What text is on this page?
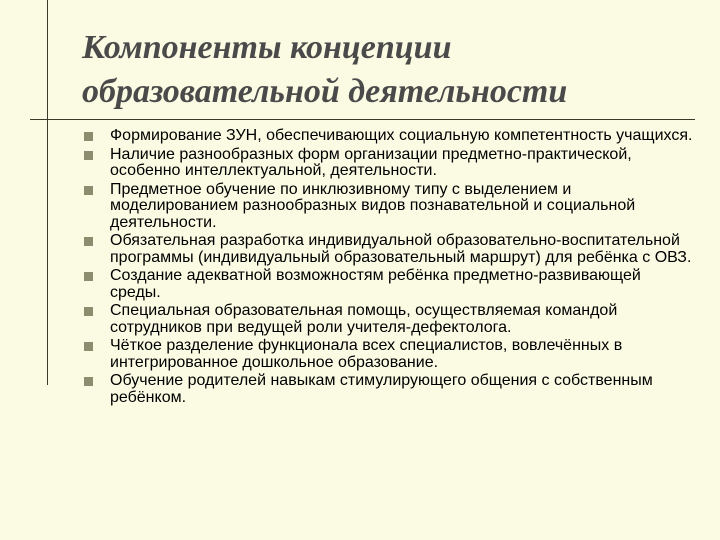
Компоненты концепции
образовательной деятельности
Формирование ЗУН, обеспечивающих социальную компетентность учащихся.
Наличие разнообразных форм организации предметно-практической, особенно интеллектуальной, деятельности.
Предметное обучение по инклюзивному типу с выделением и моделированием разнообразных видов познавательной и социальной деятельности.
Обязательная разработка индивидуальной образовательно-воспитательной программы (индивидуальный образовательный маршрут) для ребёнка с ОВЗ.
Создание адекватной возможностям ребёнка предметно-развивающей среды.
Специальная образовательная помощь, осуществляемая командой сотрудников при ведущей роли учителя-дефектолога.
Чёткое разделение функционала всех специалистов, вовлечённых в интегрированное дошкольное образование.
Обучение родителей навыкам стимулирующего общения с собственным ребёнком.
